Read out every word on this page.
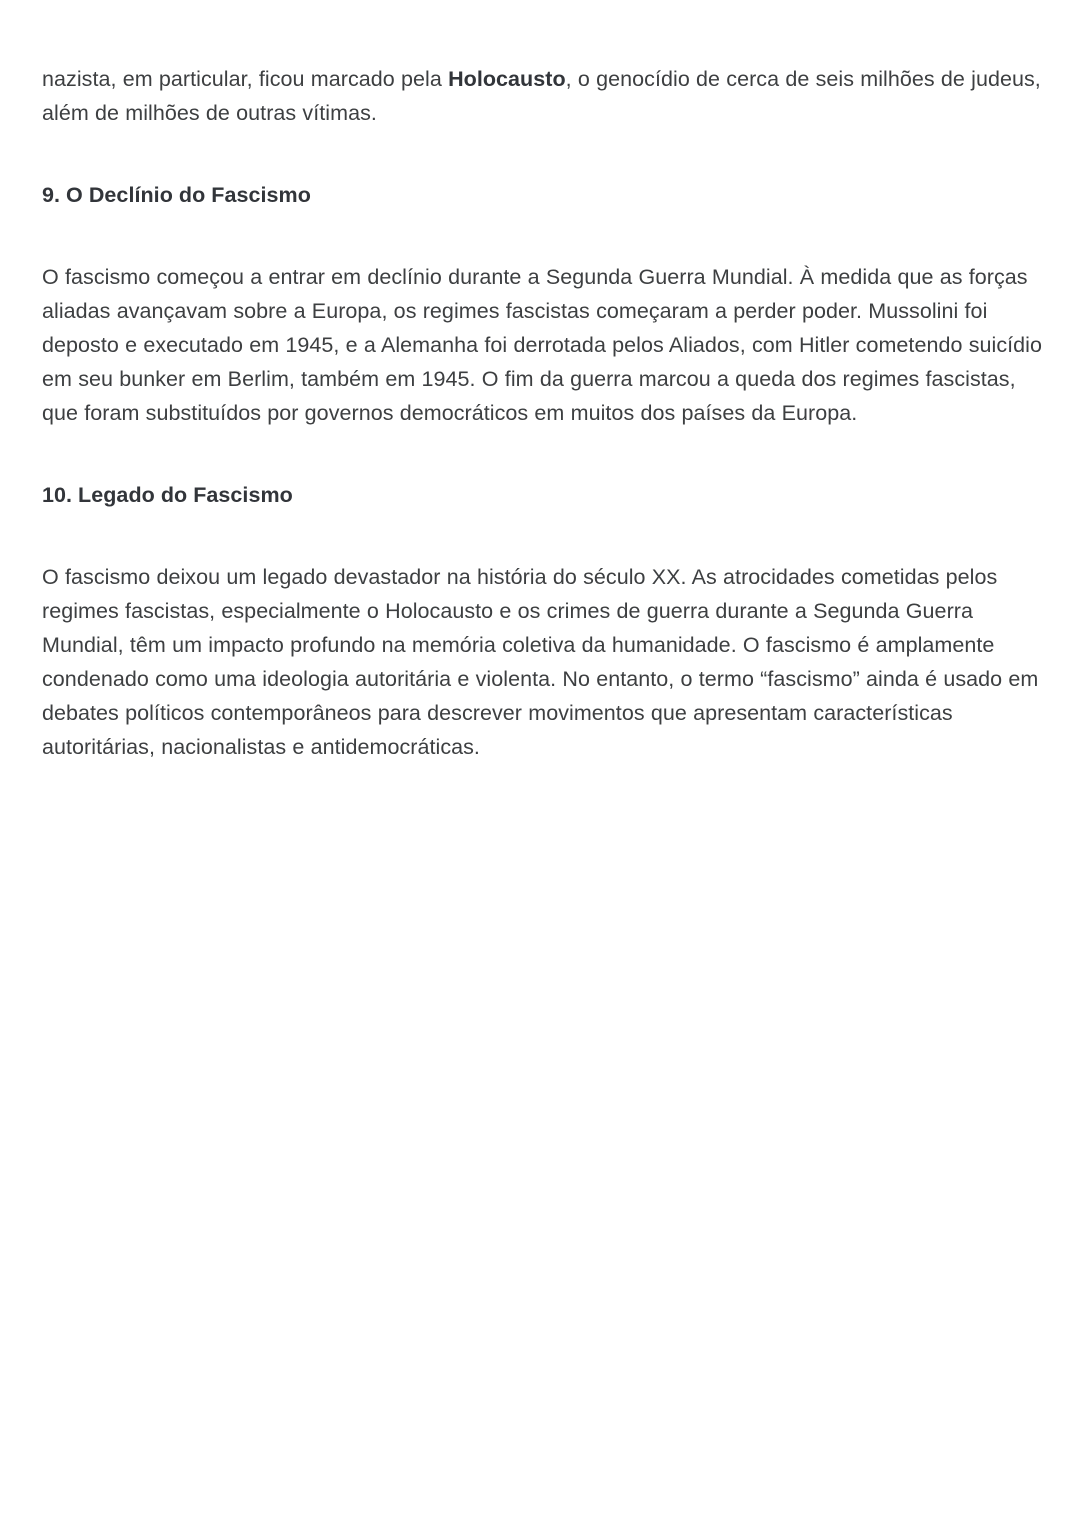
nazista, em particular, ficou marcado pela Holocausto, o genocídio de cerca de seis milhões de judeus, além de milhões de outras vítimas.

9. O Declínio do Fascismo

O fascismo começou a entrar em declínio durante a Segunda Guerra Mundial. À medida que as forças aliadas avançavam sobre a Europa, os regimes fascistas começaram a perder poder. Mussolini foi deposto e executado em 1945, e a Alemanha foi derrotada pelos Aliados, com Hitler cometendo suicídio em seu bunker em Berlim, também em 1945. O fim da guerra marcou a queda dos regimes fascistas, que foram substituídos por governos democráticos em muitos dos países da Europa.

10. Legado do Fascismo

O fascismo deixou um legado devastador na história do século XX. As atrocidades cometidas pelos regimes fascistas, especialmente o Holocausto e os crimes de guerra durante a Segunda Guerra Mundial, têm um impacto profundo na memória coletiva da humanidade. O fascismo é amplamente condenado como uma ideologia autoritária e violenta. No entanto, o termo “fascismo” ainda é usado em debates políticos contemporâneos para descrever movimentos que apresentam características autoritárias, nacionalistas e antidemocráticas.
